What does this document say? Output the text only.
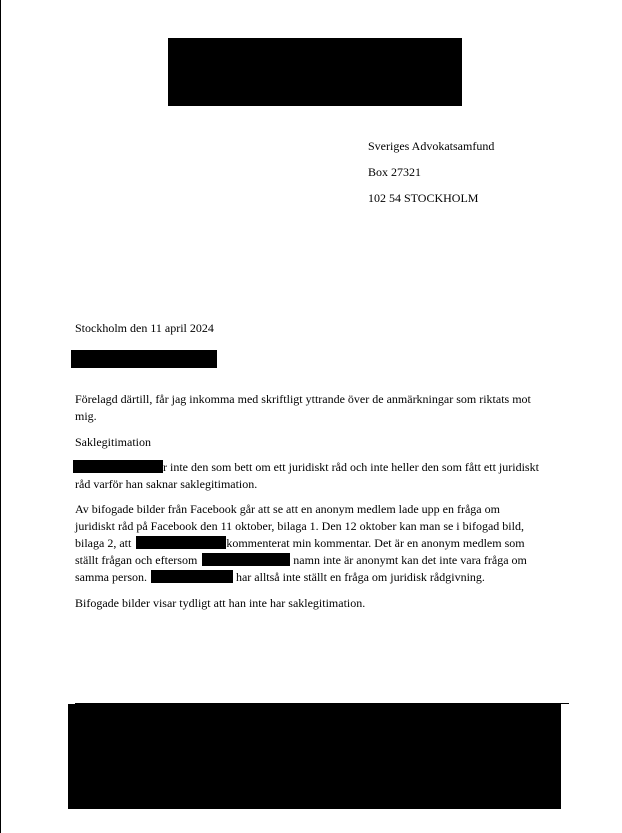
Sveriges Advokatsamfund
Box 27321
102 54 STOCKHOLM
Stockholm den 11 april 2024

Förelagd därtill, får jag inkomma med skriftligt yttrande över de anmärkningar som riktats mot

mig.

Saklegitimation

r inte den som bett om ett juridiskt råd och inte heller den som fått ett juridiskt

råd varför han saknar saklegitimation.

Av bifogade bilder från Facebook går att se att en anonym medlem lade upp en fråga om

juridiskt råd på Facebook den 11 oktober, bilaga 1. Den 12 oktober kan man se i bifogad bild,

bilaga 2, att	kommenterat min kommentar. Det är en anonym medlem som

ställt frågan och eftersom	namn inte är anonymt kan det inte vara fråga om

samma person.	har alltså inte ställt en fråga om juridisk rådgivning.

Bifogade bilder visar tydligt att han inte har saklegitimation.
